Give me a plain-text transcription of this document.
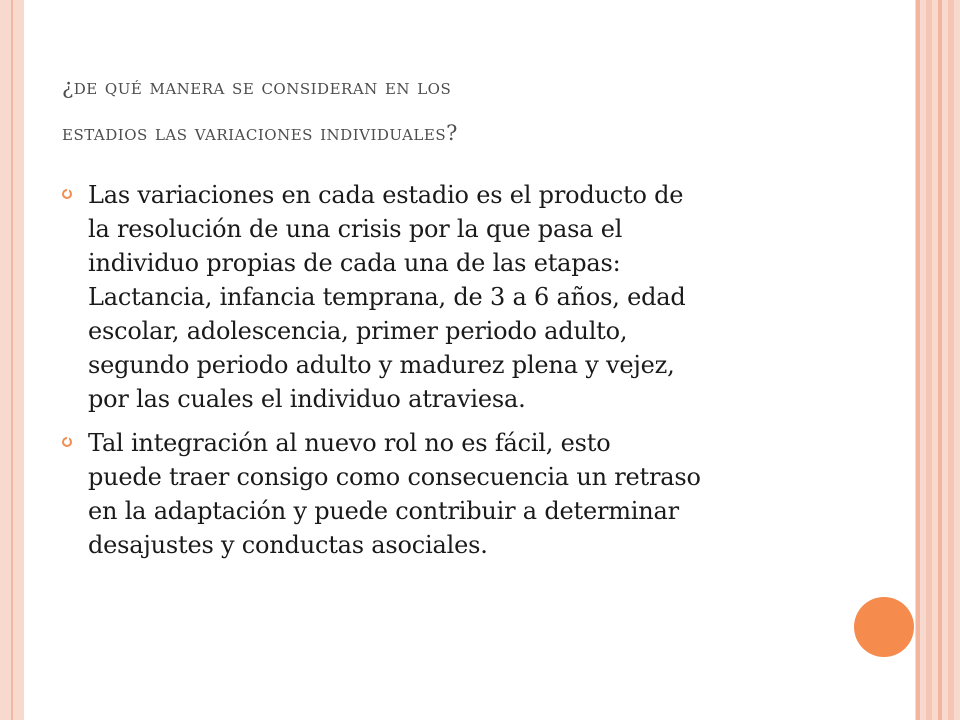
¿de qué manera se consideran en los
estadios las variaciones individuales?
Las variaciones en cada estadio es el producto de
la resolución de una crisis por la que pasa el
individuo propias de cada una de las etapas:
Lactancia, infancia temprana, de 3 a 6 años, edad
escolar, adolescencia, primer periodo adulto,
segundo periodo adulto y madurez plena y vejez,
por las cuales el individuo atraviesa.
Tal integración al nuevo rol no es fácil, esto
puede traer consigo como consecuencia un retraso
en la adaptación y puede contribuir a determinar
desajustes y conductas asociales.
